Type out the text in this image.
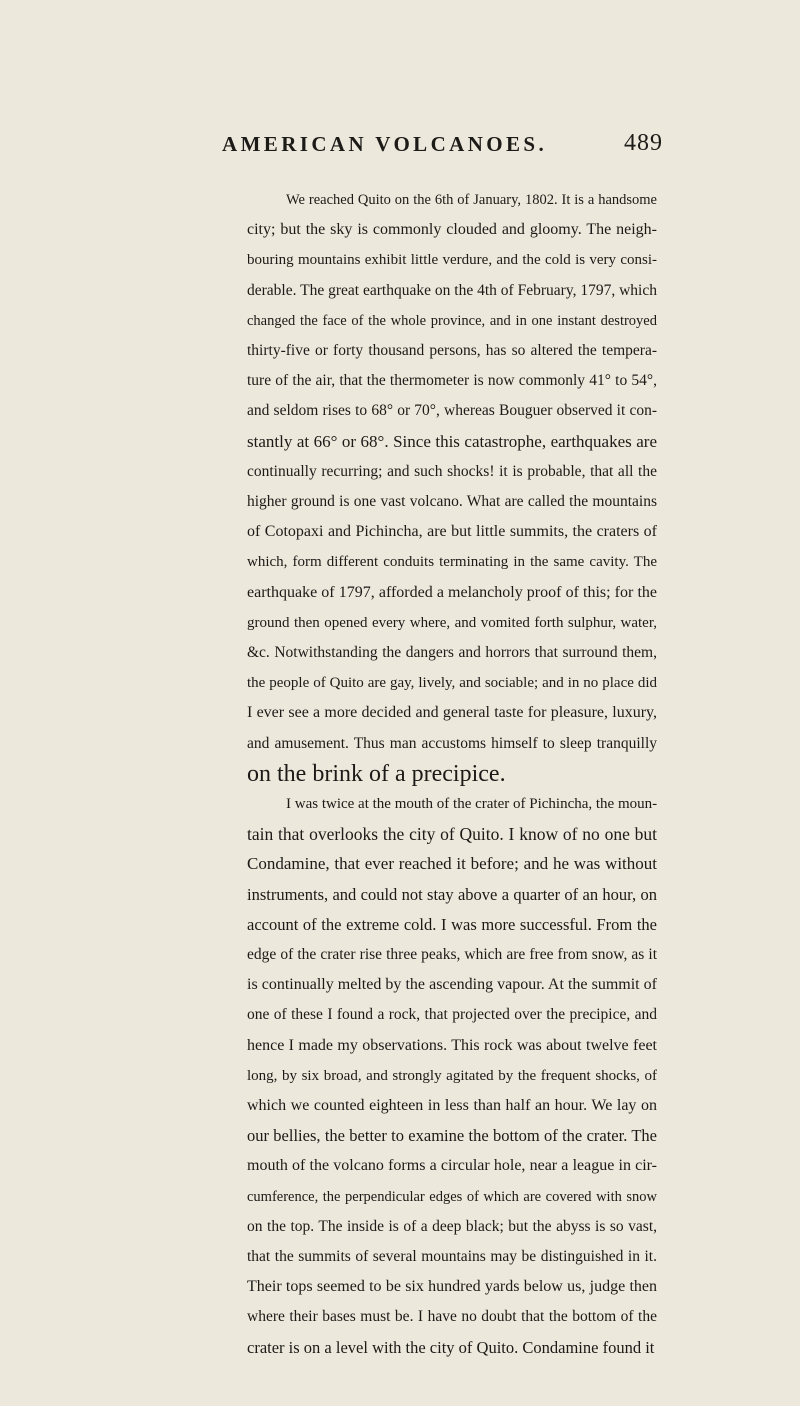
AMERICAN VOLCANOES.	489
We reached Quito on the 6th of January, 1802. It is a handsome
city; but the sky is commonly clouded and gloomy. The neigh-
bouring mountains exhibit little verdure, and the cold is very consi-
derable. The great earthquake on the 4th of February, 1797, which
changed the face of the whole province, and in one instant destroyed
thirty-five or forty thousand persons, has so altered the tempera-
ture of the air, that the thermometer is now commonly 41° to 54°,
and seldom rises to 68° or 70°, whereas Bouguer observed it con-
stantly at 66° or 68°. Since this catastrophe, earthquakes are
continually recurring; and such shocks! it is probable, that all the
higher ground is one vast volcano. What are called the mountains
of Cotopaxi and Pichincha, are but little summits, the craters of
which, form different conduits terminating in the same cavity. The
earthquake of 1797, afforded a melancholy proof of this; for the
ground then opened every where, and vomited forth sulphur, water,
&c. Notwithstanding the dangers and horrors that surround them,
the people of Quito are gay, lively, and sociable; and in no place did
I ever see a more decided and general taste for pleasure, luxury,
and amusement. Thus man accustoms himself to sleep tranquilly
on the brink of a precipice.
I was twice at the mouth of the crater of Pichincha, the moun-
tain that overlooks the city of Quito. I know of no one but
Condamine, that ever reached it before; and he was without
instruments, and could not stay above a quarter of an hour, on
account of the extreme cold. I was more successful. From the
edge of the crater rise three peaks, which are free from snow, as it
is continually melted by the ascending vapour. At the summit of
one of these I found a rock, that projected over the precipice, and
hence I made my observations. This rock was about twelve feet
long, by six broad, and strongly agitated by the frequent shocks, of
which we counted eighteen in less than half an hour. We lay on
our bellies, the better to examine the bottom of the crater. The
mouth of the volcano forms a circular hole, near a league in cir-
cumference, the perpendicular edges of which are covered with snow
on the top. The inside is of a deep black; but the abyss is so vast,
that the summits of several mountains may be distinguished in it.
Their tops seemed to be six hundred yards below us, judge then
where their bases must be. I have no doubt that the bottom of the
crater is on a level with the city of Quito. Condamine found it
